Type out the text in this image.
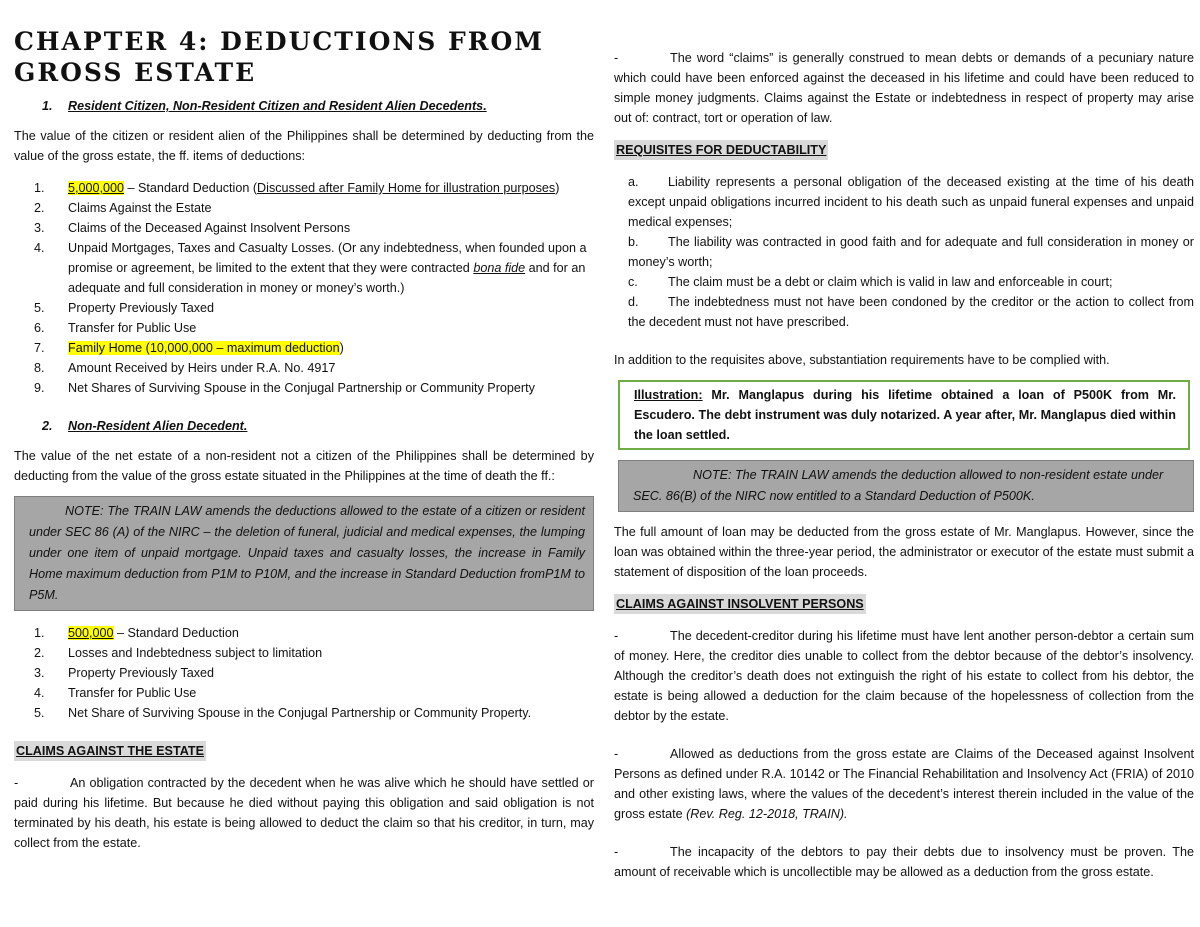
CHAPTER 4: DEDUCTIONS FROM GROSS ESTATE
1. Resident Citizen, Non-Resident Citizen and Resident Alien Decedents.

The value of the citizen or resident alien of the Philippines shall be determined by deducting from the value of the gross estate, the ff. items of deductions:

1.	5,000,000 – Standard Deduction (Discussed after Family Home for illustration purposes)
2.	Claims Against the Estate
3.	Claims of the Deceased Against Insolvent Persons
4.	Unpaid Mortgages, Taxes and Casualty Losses. (Or any indebtedness, when founded upon a promise or agreement, be limited to the extent that they were contracted bona fide and for an adequate and full consideration in money or money’s worth.)
5.	Property Previously Taxed
6.	Transfer for Public Use
7.	Family Home (10,000,000 – maximum deduction)
8.	Amount Received by Heirs under R.A. No. 4917
9.	Net Shares of Surviving Spouse in the Conjugal Partnership or Community Property
2. Non-Resident Alien Decedent.

The value of the net estate of a non-resident not a citizen of the Philippines shall be determined by deducting from the value of the gross estate situated in the Philippines at the time of death the ff.:

NOTE: The TRAIN LAW amends the deductions allowed to the estate of a citizen or resident under SEC 86 (A) of the NIRC – the deletion of funeral, judicial and medical expenses, the lumping under one item of unpaid mortgage. Unpaid taxes and casualty losses, the increase in Family Home maximum deduction from P1M to P10M, and the increase in Standard Deduction fromP1M to P5M.
1.	500,000 – Standard Deduction
2.	Losses and Indebtedness subject to limitation
3.	Property Previously Taxed
4.	Transfer for Public Use
5.	Net Share of Surviving Spouse in the Conjugal Partnership or Community Property.

CLAIMS AGAINST THE ESTATE

-	An obligation contracted by the decedent when he was alive which he should have settled or paid during his lifetime. But because he died without paying this obligation and said obligation is not terminated by his death, his estate is being allowed to deduct the claim so that his creditor, in turn, may collect from the estate.

-	The word “claims” is generally construed to mean debts or demands of a pecuniary nature which could have been enforced against the deceased in his lifetime and could have been reduced to simple money judgments. Claims against the Estate or indebtedness in respect of property may arise out of: contract, tort or operation of law.

REQUISITES FOR DEDUCTABILITY

a. Liability represents a personal obligation of the deceased existing at the time of his death except unpaid obligations incurred incident to his death such as unpaid funeral expenses and unpaid medical expenses;

b. The liability was contracted in good faith and for adequate and full consideration in money or money’s worth;

c. The claim must be a debt or claim which is valid in law and enforceable in court;

d. The indebtedness must not have been condoned by the creditor or the action to collect from the decedent must not have prescribed.

In addition to the requisites above, substantiation requirements have to be complied with.

Illustration: Mr. Manglapus during his lifetime obtained a loan of P500K from Mr. Escudero. The debt instrument was duly notarized. A year after, Mr. Manglapus died within the loan settled.
NOTE: The TRAIN LAW amends the deduction allowed to non-resident estate under SEC. 86(B) of the NIRC now entitled to a Standard Deduction of P500K.

The full amount of loan may be deducted from the gross estate of Mr. Manglapus. However, since the loan was obtained within the three-year period, the administrator or executor of the estate must submit a statement of disposition of the loan proceeds.

CLAIMS AGAINST INSOLVENT PERSONS

-	The decedent-creditor during his lifetime must have lent another person-debtor a certain sum of money. Here, the creditor dies unable to collect from the debtor because of the debtor’s insolvency. Although the creditor’s death does not extinguish the right of his estate to collect from his debtor, the estate is being allowed a deduction for the claim because of the hopelessness of collection from the debtor by the estate.

-	Allowed as deductions from the gross estate are Claims of the Deceased against Insolvent Persons as defined under R.A. 10142 or The Financial Rehabilitation and Insolvency Act (FRIA) of 2010 and other existing laws, where the values of the decedent’s interest therein included in the value of the gross estate (Rev. Reg. 12-2018, TRAIN).

-	The incapacity of the debtors to pay their debts due to insolvency must be proven. The amount of receivable which is uncollectible may be allowed as a deduction from the gross estate.
